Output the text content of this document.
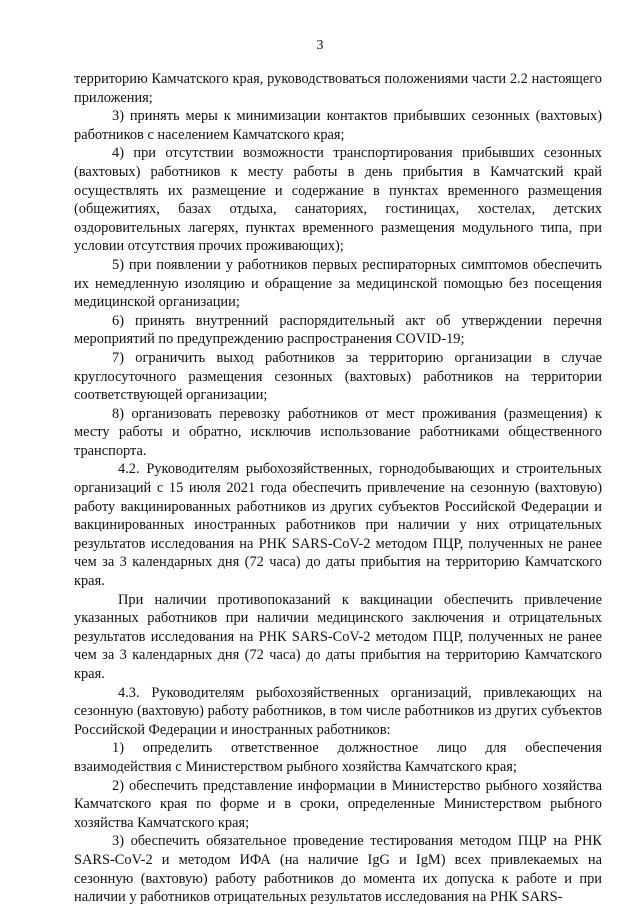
3

территорию Камчатского края, руководствоваться положениями части 2.2 настоящего приложения;

3) принять меры к минимизации контактов прибывших сезонных (вахтовых) работников с населением Камчатского края;

4) при отсутствии возможности транспортирования прибывших сезонных (вахтовых) работников к месту работы в день прибытия в Камчатский край осуществлять их размещение и содержание в пунктах временного размещения (общежитиях, базах отдыха, санаториях, гостиницах, хостелах, детских оздоровительных лагерях, пунктах временного размещения модульного типа, при условии отсутствия прочих проживающих);

5) при появлении у работников первых респираторных симптомов обеспечить их немедленную изоляцию и обращение за медицинской помощью без посещения медицинской организации;

6) принять внутренний распорядительный акт об утверждении перечня мероприятий по предупреждению распространения COVID-19;

7) ограничить выход работников за территорию организации в случае круглосуточного размещения сезонных (вахтовых) работников на территории соответствующей организации;

8) организовать перевозку работников от мест проживания (размещения) к месту работы и обратно, исключив использование работниками общественного транспорта.

4.2. Руководителям рыбохозяйственных, горнодобывающих и строительных организаций с 15 июля 2021 года обеспечить привлечение на сезонную (вахтовую) работу вакцинированных работников из других субъектов Российской Федерации и вакцинированных иностранных работников при наличии у них отрицательных результатов исследования на РНК SARS-CoV-2 методом ПЦР, полученных не ранее чем за 3 календарных дня (72 часа) до даты прибытия на территорию Камчатского края.

При наличии противопоказаний к вакцинации обеспечить привлечение указанных работников при наличии медицинского заключения и отрицательных результатов исследования на РНК SARS-CoV-2 методом ПЦР, полученных не ранее чем за 3 календарных дня (72 часа) до даты прибытия на территорию Камчатского края.

4.3. Руководителям рыбохозяйственных организаций, привлекающих на сезонную (вахтовую) работу работников, в том числе работников из других субъектов Российской Федерации и иностранных работников:

1) определить ответственное должностное лицо для обеспечения взаимодействия с Министерством рыбного хозяйства Камчатского края;

2) обеспечить представление информации в Министерство рыбного хозяйства Камчатского края по форме и в сроки, определенные Министерством рыбного хозяйства Камчатского края;

3) обеспечить обязательное проведение тестирования методом ПЦР на РНК SARS-CoV-2 и методом ИФА (на наличие IgG и IgM) всех привлекаемых на сезонную (вахтовую) работу работников до момента их допуска к работе и при наличии у работников отрицательных результатов исследования на РНК SARS-
